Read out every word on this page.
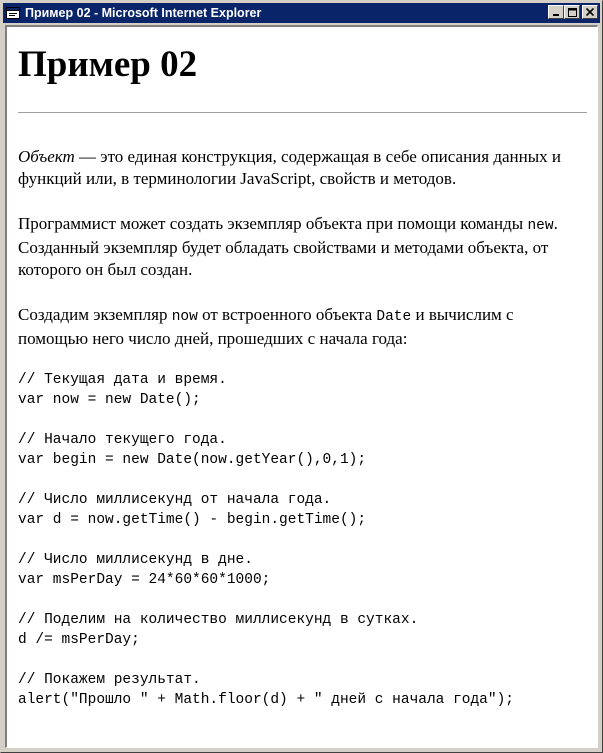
Пример 02 - Microsoft Internet Explorer
Пример 02

Объект — это единая конструкция, содержащая в себе описания данных и функций или, в терминологии JavaScript, свойств и методов.

Программист может создать экземпляр объекта при помощи команды new. Созданный экземпляр будет обладать свойствами и методами объекта, от которого он был создан.

Создадим экземпляр now от встроенного объекта Date и вычислим с помощью него число дней, прошедших с начала года:

// Текущая дата и время.
var now = new Date();
// Начало текущего года.
var begin = new Date(now.getYear(),0,1);
// Число миллисекунд от начала года.
var d = now.getTime() - begin.getTime();
// Число миллисекунд в дне.
var msPerDay = 24*60*60*1000;
// Поделим на количество миллисекунд в сутках.
d /= msPerDay;
// Покажем результат.
alert("Прошло " + Math.floor(d) + " дней с начала года");
